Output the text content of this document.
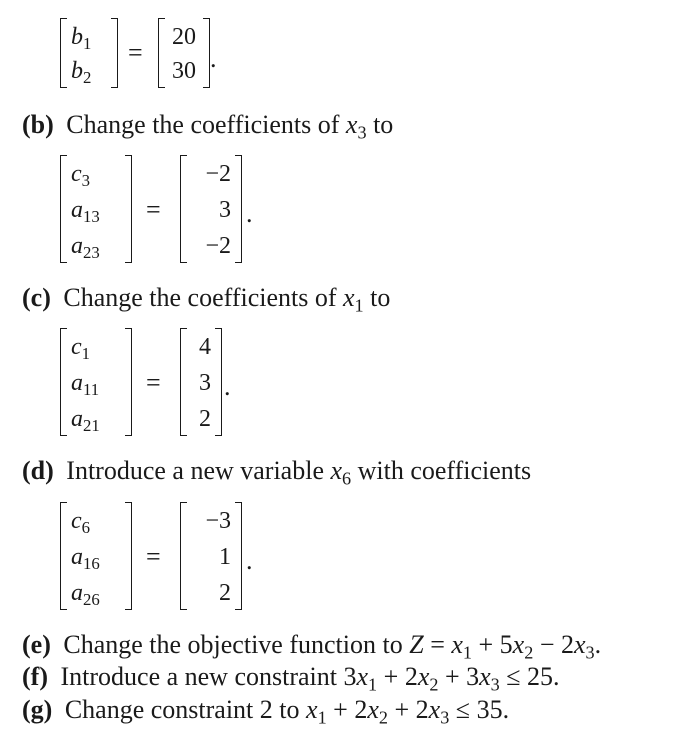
$b_1$
$b_2$
=
20
30 .
(b) Change the coefficients of $x_3$ to
$c_3$
$a_{13}$
$a_{23}$
=
−2
3
−2
.
(c) Change the coefficients of $x_1$ to
$c_1$
$a_{11}$
$a_{21}$
=
4
3
2
.
(d) Introduce a new variable $x_6$ with coefficients
$c_6$
$a_{16}$
$a_{26}$
=
−3
1
2
.
(e) Change the objective function to $Z = x_1 + 5x_2 - 2x_3$.
(f) Introduce a new constraint $3x_1 + 2x_2 + 3x_3 \le 25$.
(g) Change constraint 2 to $x_1 + 2x_2 + 2x_3 \le 35$.
